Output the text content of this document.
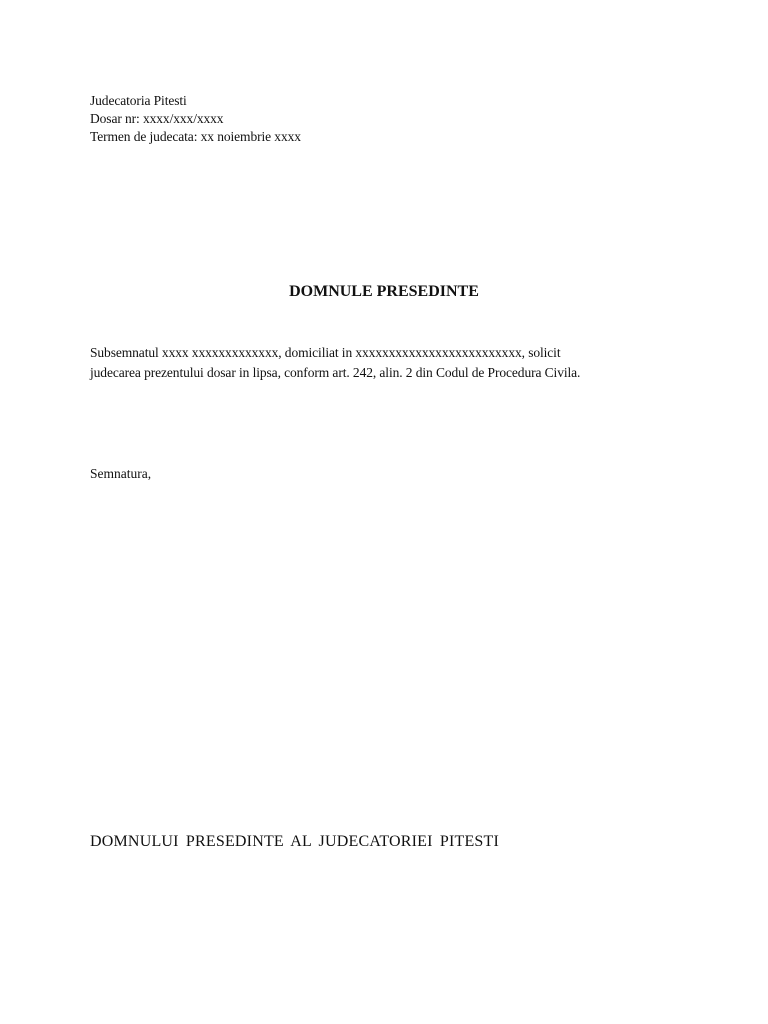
Judecatoria Pitesti
Dosar nr: xxxx/xxx/xxxx
Termen de judecata: xx noiembrie xxxx
DOMNULE PRESEDINTE
Subsemnatul xxxx xxxxxxxxxxxxx, domiciliat in xxxxxxxxxxxxxxxxxxxxxxxxx, solicit
judecarea prezentului dosar in lipsa, conform art. 242, alin. 2 din Codul de Procedura Civila.
Semnatura,
DOMNULUI PRESEDINTE AL JUDECATORIEI PITESTI
